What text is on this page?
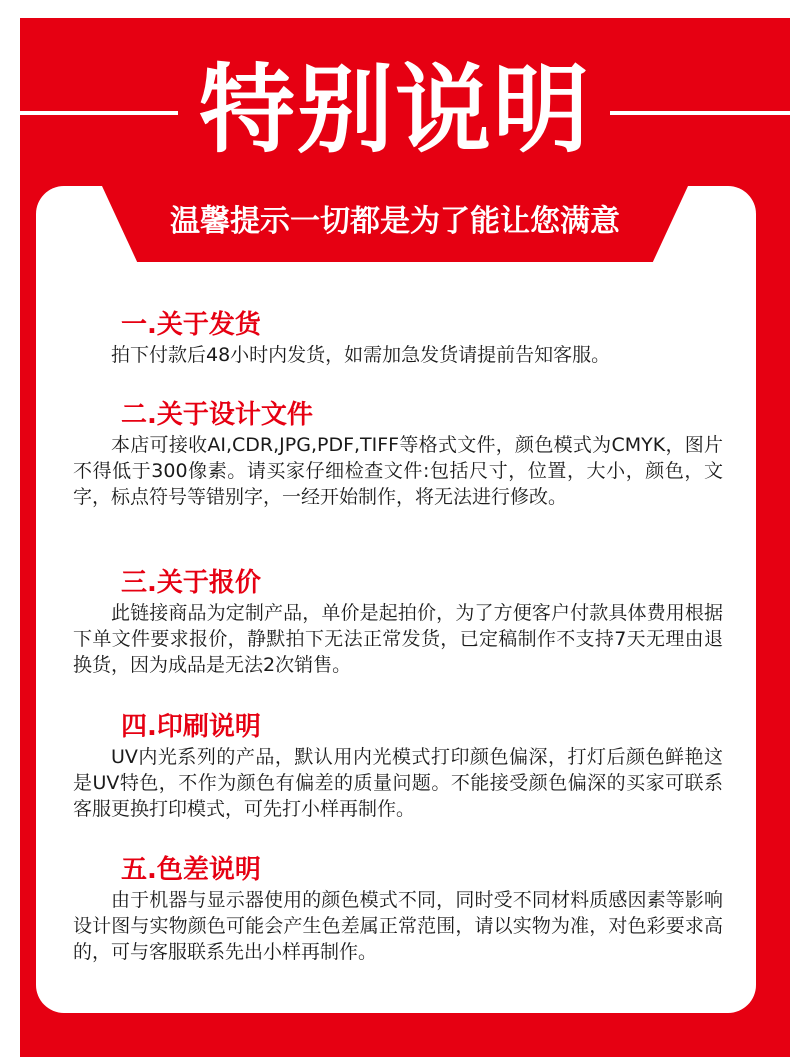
特别说明
温馨提示一切都是为了能让您满意
一.关于发货

拍下付款后48小时内发货，如需加急发货请提前告知客服。

二.关于设计文件

本店可接收AI,CDR,JPG,PDF,TIFF等格式文件，颜色模式为CMYK，图片不得低于300像素。请买家仔细检查文件:包括尺寸，位置，大小，颜色，文字，标点符号等错别字，一经开始制作，将无法进行修改。

三.关于报价

此链接商品为定制产品，单价是起拍价，为了方便客户付款具体费用根据下单文件要求报价，静默拍下无法正常发货，已定稿制作不支持7天无理由退换货，因为成品是无法2次销售。

四.印刷说明

UV内光系列的产品，默认用内光模式打印颜色偏深，打灯后颜色鲜艳这是UV特色，不作为颜色有偏差的质量问题。不能接受颜色偏深的买家可联系客服更换打印模式，可先打小样再制作。

五.色差说明

由于机器与显示器使用的颜色模式不同，同时受不同材料质感因素等影响设计图与实物颜色可能会产生色差属正常范围，请以实物为准，对色彩要求高的，可与客服联系先出小样再制作。
